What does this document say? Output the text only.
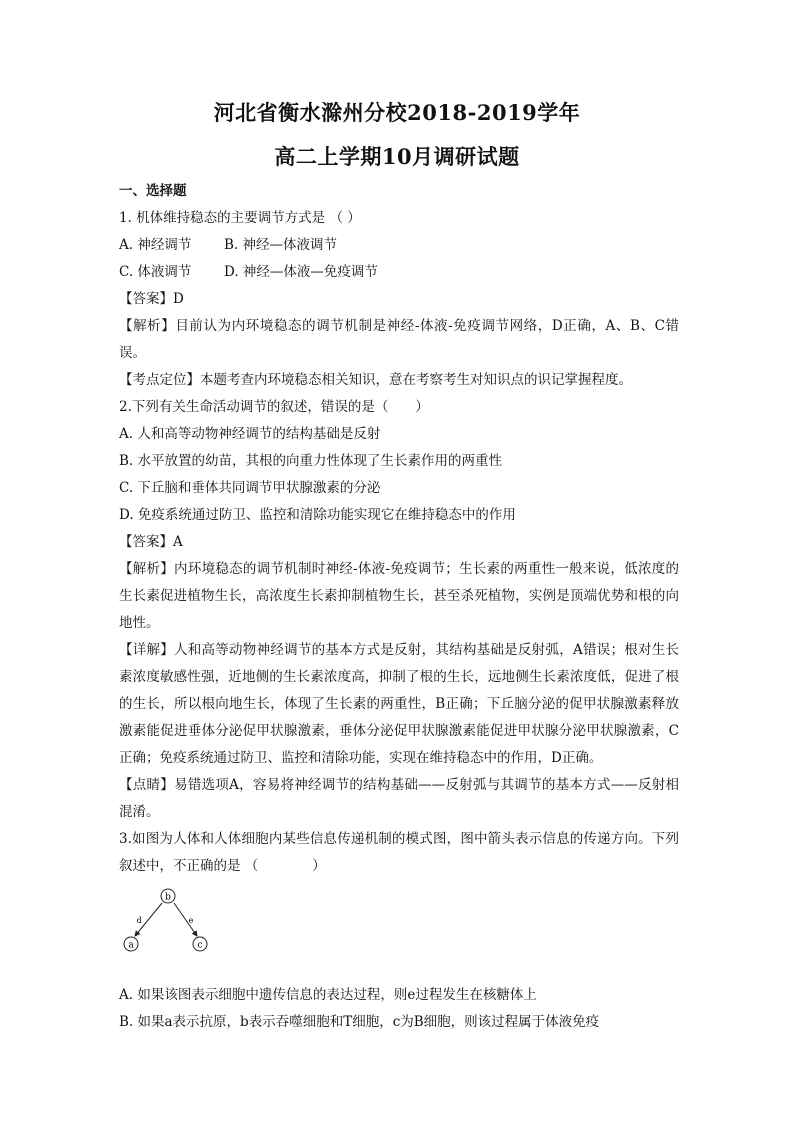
河北省衡水滁州分校2018-2019学年
高二上学期10月调研试题
一、选择题
1. 机体维持稳态的主要调节方式是 （ ）
A. 神经调节	B. 神经—体液调节
C. 体液调节	D. 神经—体液—免疫调节
【答案】D
【解析】目前认为内环境稳态的调节机制是神经-体液-免疫调节网络，D正确，A、B、C错误。
【考点定位】本题考查内环境稳态相关知识，意在考察考生对知识点的识记掌握程度。
2.下列有关生命活动调节的叙述，错误的是（　　）
A. 人和高等动物神经调节的结构基础是反射
B. 水平放置的幼苗，其根的向重力性体现了生长素作用的两重性
C. 下丘脑和垂体共同调节甲状腺激素的分泌
D. 免疫系统通过防卫、监控和清除功能实现它在维持稳态中的作用
【答案】A
【解析】内环境稳态的调节机制时神经-体液-免疫调节；生长素的两重性一般来说，低浓度的生长素促进植物生长，高浓度生长素抑制植物生长，甚至杀死植物，实例是顶端优势和根的向地性。
【详解】人和高等动物神经调节的基本方式是反射，其结构基础是反射弧，A错误；根对生长素浓度敏感性强，近地侧的生长素浓度高，抑制了根的生长，远地侧生长素浓度低，促进了根的生长，所以根向地生长，体现了生长素的两重性，B正确；下丘脑分泌的促甲状腺激素释放激素能促进垂体分泌促甲状腺激素，垂体分泌促甲状腺激素能促进甲状腺分泌甲状腺激素，C正确；免疫系统通过防卫、监控和清除功能，实现在维持稳态中的作用，D正确。
【点睛】易错选项A，容易将神经调节的结构基础——反射弧与其调节的基本方式——反射相混淆。
3.如图为人体和人体细胞内某些信息传递机制的模式图，图中箭头表示信息的传递方向。下列叙述中，不正确的是 （　　　　）
b
a	c
d	e
A. 如果该图表示细胞中遗传信息的表达过程，则e过程发生在核糖体上
B. 如果a表示抗原，b表示吞噬细胞和T细胞，c为B细胞，则该过程属于体液免疫
